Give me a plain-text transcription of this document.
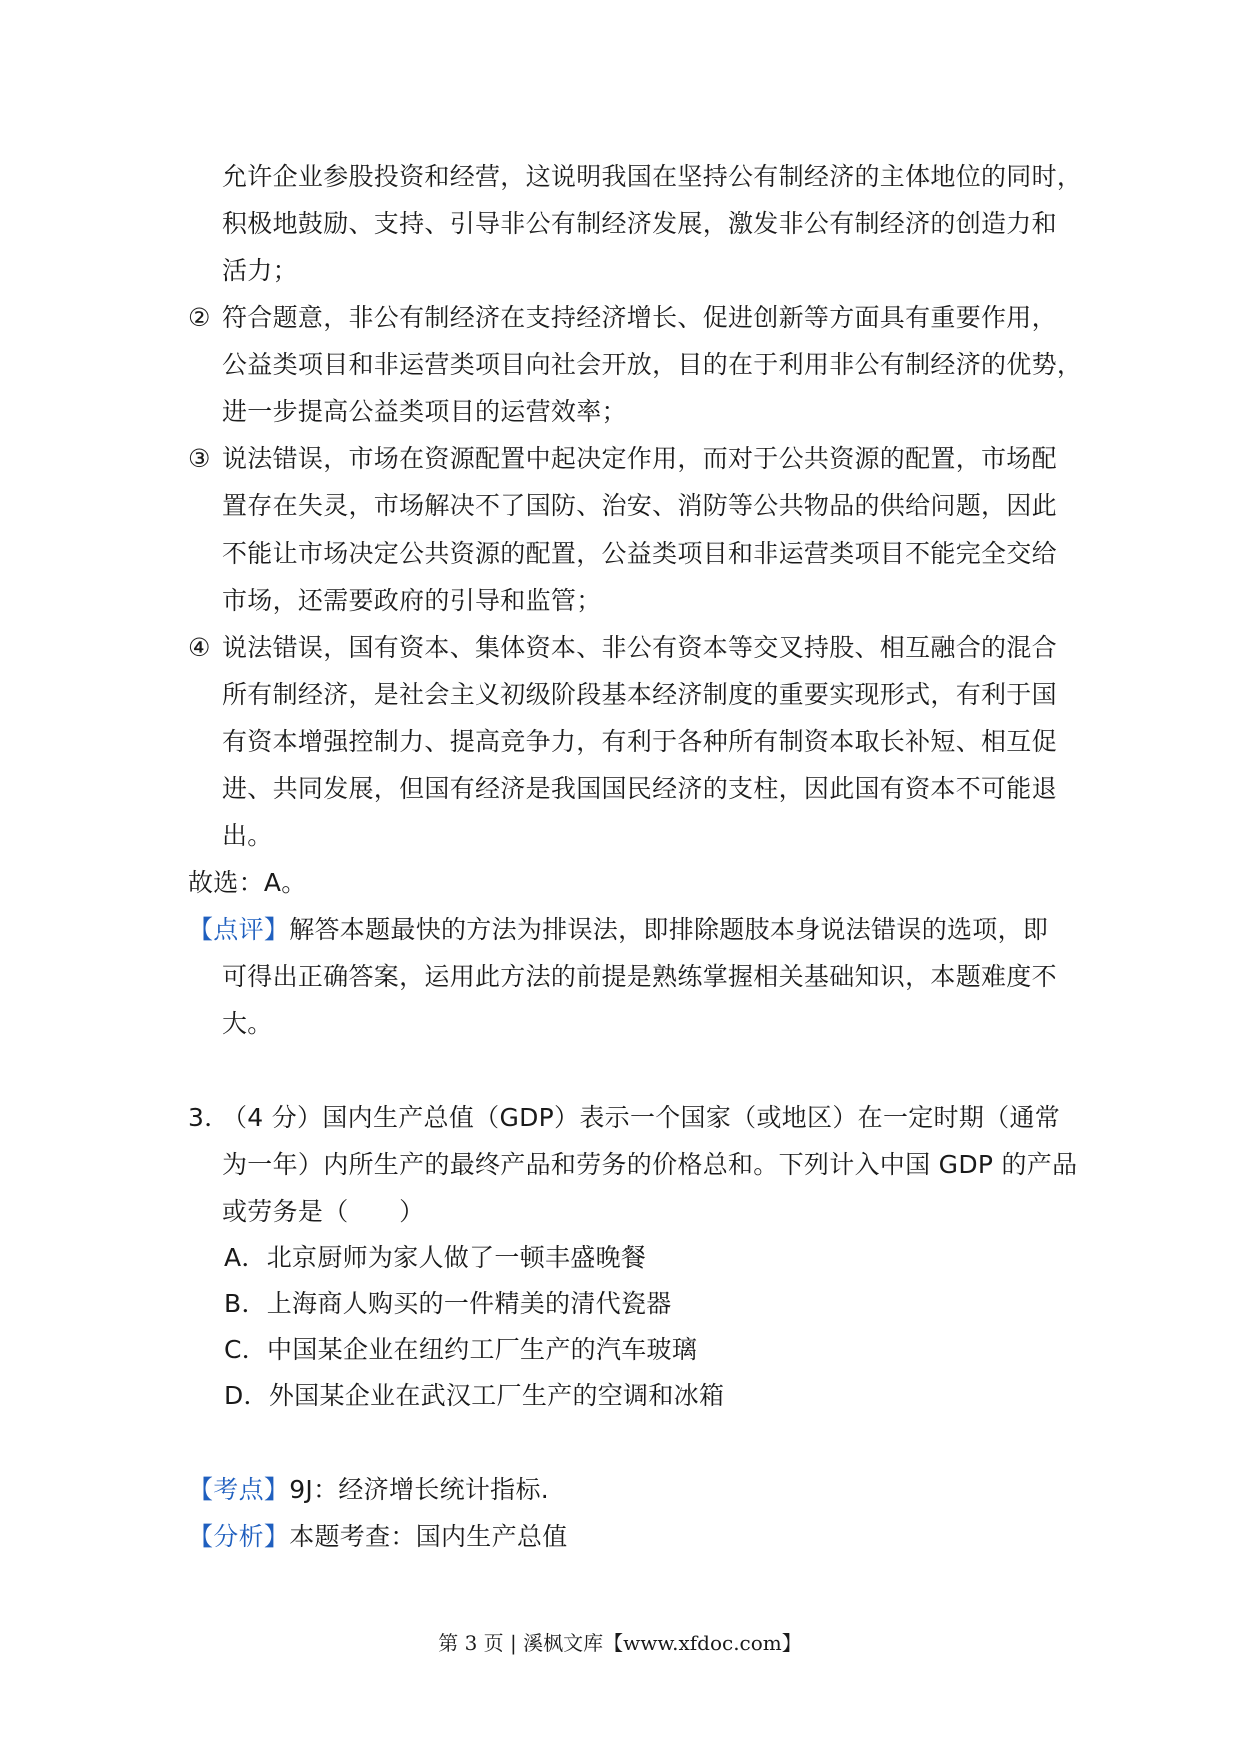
允许企业参股投资和经营，这说明我国在坚持公有制经济的主体地位的同时，
积极地鼓励、支持、引导非公有制经济发展，激发非公有制经济的创造力和
活力；
② 符合题意，非公有制经济在支持经济增长、促进创新等方面具有重要作用，
公益类项目和非运营类项目向社会开放，目的在于利用非公有制经济的优势，
进一步提高公益类项目的运营效率；
③ 说法错误，市场在资源配置中起决定作用，而对于公共资源的配置，市场配
置存在失灵，市场解决不了国防、治安、消防等公共物品的供给问题，因此
不能让市场决定公共资源的配置，公益类项目和非运营类项目不能完全交给
市场，还需要政府的引导和监管；
④ 说法错误，国有资本、集体资本、非公有资本等交叉持股、相互融合的混合
所有制经济，是社会主义初级阶段基本经济制度的重要实现形式，有利于国
有资本增强控制力、提高竞争力，有利于各种所有制资本取长补短、相互促
进、共同发展，但国有经济是我国国民经济的支柱，因此国有资本不可能退
出。
故选：A。
【点评】解答本题最快的方法为排误法，即排除题肢本身说法错误的选项，即
可得出正确答案，运用此方法的前提是熟练掌握相关基础知识，本题难度不
大。
3．（4 分）国内生产总值（GDP）表示一个国家（或地区）在一定时期（通常
为一年）内所生产的最终产品和劳务的价格总和。下列计入中国 GDP 的产品
或劳务是（　　）
A．北京厨师为家人做了一顿丰盛晚餐
B．上海商人购买的一件精美的清代瓷器
C．中国某企业在纽约工厂生产的汽车玻璃
D．外国某企业在武汉工厂生产的空调和冰箱
【考点】9J：经济增长统计指标.
【分析】本题考查：国内生产总值
第 3 页 | 溪枫文库【www.xfdoc.com】
